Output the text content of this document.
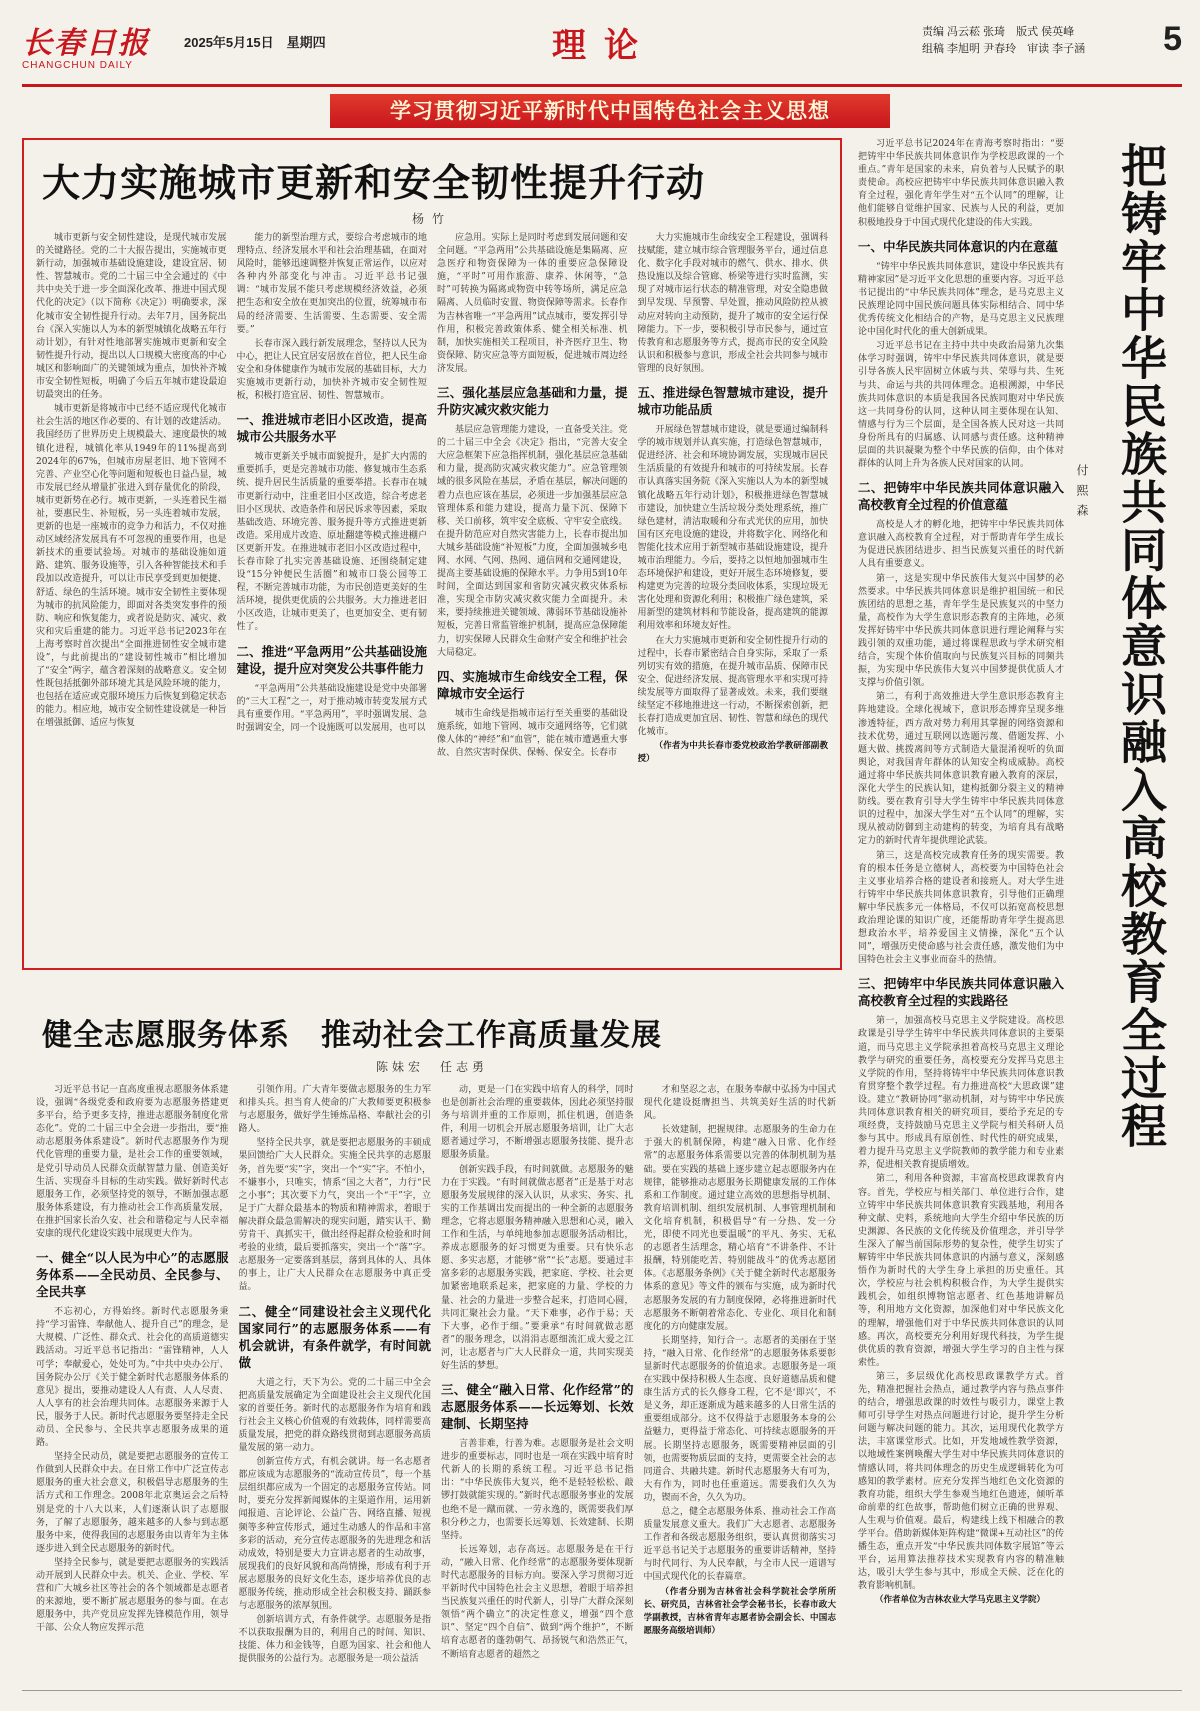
长春日报
CHANGCHUN DAILY
2025年5月15日　星期四	理论	责编 冯云菘 张琦　版式 侯英峰
组稿 李旭明 尹春玲　审读 李子涵	5
学习贯彻习近平新时代中国特色社会主义思想
大力实施城市更新和安全韧性提升行动
杨竹

城市更新与安全韧性建设，是现代城市发展的关键路径。党的二十大报告提出，实施城市更新行动，加强城市基础设施建设，建设宜居、韧性、智慧城市。党的二十届三中全会通过的《中共中央关于进一步全面深化改革、推进中国式现代化的决定》（以下简称《决定》）明确要求，深化城市安全韧性提升行动。去年7月，国务院出台《深入实施以人为本的新型城镇化战略五年行动计划》，有针对性地部署实施城市更新和安全韧性提升行动，提出以人口规模大密度高的中心城区和影响面广的关键领域为重点，加快补齐城市安全韧性短板，明确了今后五年城市建设最迫切最突出的任务。

城市更新是将城市中已经不适应现代化城市社会生活的地区作必要的、有计划的改建活动。我国经历了世界历史上规模最大、速度最快的城镇化进程，城镇化率从1949年的11%提高到2024年的67%，但城市房屋老旧、地下管网不完善、产业空心化等问题和短板也日益凸显，城市发展已经从增量扩张进入到存量优化的阶段，城市更新势在必行。城市更新，一头连着民生福祉，要惠民生、补短板，另一头连着城市发展，更新的也是一座城市的竞争力和活力，不仅对推动区域经济发展具有不可忽视的重要作用，也是新技术的重要试验场。对城市的基础设施如道路、建筑、服务设施等，引入各种智能技术和手段加以改造提升，可以让市民享受到更加便捷、舒适、绿色的生活环境。城市安全韧性主要体现为城市的抗风险能力，即面对各类突发事件的预防、响应和恢复能力，或者说是防灾、减灾、救灾和灾后重建的能力。习近平总书记2023年在上海考察时首次提出“全面推进韧性安全城市建设”，与此前提出的“建设韧性城市”相比增加了“安全”两字，蕴含着深刻的战略意义。安全韧性既包括抵御外部环境尤其是风险环境的能力，也包括在适应或克服环境压力后恢复到稳定状态的能力。相应地，城市安全韧性建设就是一种旨在增强抵御、适应与恢复

能力的新型治理方式，要综合考虑城市的地理特点、经济发展水平和社会治理基础，在面对风险时，能够迅速调整并恢复正常运作，以应对各种内外部变化与冲击。习近平总书记强调：“城市发展不能只考虑规模经济效益，必须把生态和安全放在更加突出的位置，统筹城市布局的经济需要、生活需要、生态需要、安全需要。”

长春市深入践行新发展理念，坚持以人民为中心，把让人民宜居安居放在首位，把人民生命安全和身体健康作为城市发展的基础目标，大力实施城市更新行动，加快补齐城市安全韧性短板，积极打造宜居、韧性、智慧城市。

一、推进城市老旧小区改造，提高城市公共服务水平

城市更新关乎城市面貌提升，是扩大内需的重要抓手，更是完善城市功能、修复城市生态系统、提升居民生活质量的重要举措。长春市在城市更新行动中，注重老旧小区改造，综合考虑老旧小区现状、改造条件和居民诉求等因素，采取基础改造、环境完善、服务提升等方式推进更新改造。采用成片改造、原址翻建等模式推进棚户区更新开发。在推进城市老旧小区改造过程中，长春市除了扎实完善基础设施、还围绕制定建设“15分钟便民生活圈”和城市口袋公园等工程，不断完善城市功能，为市民创造更美好的生活环境，提供更优质的公共服务。大力推进老旧小区改造，让城市更美了，也更加安全、更有韧性了。

二、推进“平急两用”公共基础设施建设，提升应对突发公共事件能力

“平急两用”公共基础设施建设是党中央部署的“三大工程”之一，对于推动城市转变发展方式具有重要作用。“平急两用”，平时强调发展、急时强调安全，同一个设施既可以发展用，也可以

应急用。实际上是同时考虑到发展问题和安全问题。“平急两用”公共基础设施是集隔离、应急医疗和物资保障为一体的重要应急保障设施，“平时”可用作旅游、康养、休闲等，“急时”可转换为隔离或物资中转等场所，满足应急隔离、人员临时安置、物资保障等需求。长春作为吉林省唯一“平急两用”试点城市，要发挥引导作用，积极完善政策体系、健全相关标准、机制，加快实施相关工程项目，补齐医疗卫生、物资保障、防灾应急等方面短板，促进城市周边经济发展。

三、强化基层应急基础和力量，提升防灾减灾救灾能力

基层应急管理能力建设，一直备受关注。党的二十届三中全会《决定》指出，“完善大安全大应急框架下应急指挥机制，强化基层应急基础和力量，提高防灾减灾救灾能力”。应急管理领域的很多风险在基层，矛盾在基层，解决问题的着力点也应该在基层，必须进一步加强基层应急管理体系和能力建设，提高力量下沉、保障下移、关口前移，筑牢安全底板、守牢安全底线。在提升防范应对自然灾害能力上，长春市提出加大城乡基础设施“补短板”力度，全面加强城乡电网、水网、气网、热网、通信网和交通网建设，提高主要基础设施的保障水平。力争用5到10年时间，全面达到国家和省防灾减灾救灾体系标准，实现全市防灾减灾救灾能力全面提升。未来，要持续推进关键领域、薄弱环节基础设施补短板，完善日常监管维护机制，提高应急保障能力，切实保障人民群众生命财产安全和维护社会大局稳定。

四、实施城市生命线安全工程，保障城市安全运行

城市生命线是指城市运行至关重要的基础设施系统，如地下管网、城市交通网络等，它们就像人体的“神经”和“血管”，能在城市遭遇重大事故、自然灾害时保供、保畅、保安全。长春市

大力实施城市生命线安全工程建设，强调科技赋能，建立城市综合管理服务平台，通过信息化、数字化手段对城市的燃气、供水、排水、供热设施以及综合管廊、桥梁等进行实时监测，实现了对城市运行状态的精准管理，对安全隐患做到早发现、早预警、早处置，推动风险防控从被动应对转向主动预防，提升了城市的安全运行保障能力。下一步，要积极引导市民参与，通过宣传教育和志愿服务等方式，提高市民的安全风险认识和积极参与意识，形成全社会共同参与城市管理的良好氛围。

五、推进绿色智慧城市建设，提升城市功能品质

开展绿色智慧城市建设，就是要通过编制科学的城市规划并认真实施，打造绿色智慧城市，促进经济、社会和环境协调发展，实现城市居民生活质量的有效提升和城市的可持续发展。长春市认真落实国务院《深入实施以人为本的新型城镇化战略五年行动计划》，积极推进绿色智慧城市建设，加快建立生活垃圾分类处理系统，推广绿色建材，清洁取暖和分布式光伏的应用，加快国有区充电设施的建设，并将数字化、网络化和智能化技术应用于新型城市基础设施建设，提升城市治理能力。今后，要持之以恒地加强城市生态环境保护和建设，更好开展生态环境修复，要构建更为完善的垃圾分类回收体系，实现垃圾无害化处理和资源化利用；积极推广绿色建筑，采用新型的建筑材料和节能设备，提高建筑的能源利用效率和环境友好性。

在大力实施城市更新和安全韧性提升行动的过程中，长春市紧密结合自身实际，采取了一系列切实有效的措施，在提升城市品质、保障市民安全、促进经济发展、提高管理水平和实现可持续发展等方面取得了显著成效。未来，我们要继续坚定不移地推进这一行动，不断探索创新，把长春打造成更加宜居、韧性、智慧和绿色的现代化城市。

（作者为中共长春市委党校政治学教研部副教授）

健全志愿服务体系　推动社会工作高质量发展
陈妹宏　任志勇

习近平总书记一直高度重视志愿服务体系建设，强调“各级党委和政府要为志愿服务搭建更多平台，给予更多支持，推进志愿服务制度化常态化”。党的二十届三中全会进一步指出，要“推动志愿服务体系建设”。新时代志愿服务作为现代化管理的重要力量，是社会工作的重要领域，是党引导动员人民群众贡献智慧力量、创造美好生活、实现奋斗目标的生动实践。做好新时代志愿服务工作，必须坚持党的领导，不断加强志愿服务体系建设，有力推动社会工作高质量发展，在推护国家长治久安、社会和谐稳定与人民幸福安康的现代化建设实践中展现更大作为。

一、健全“以人民为中心”的志愿服务体系——全民动员、全民参与、全民共享

不忘初心，方得始终。新时代志愿服务秉持“学习雷锋、奉献他人、提升自己”的理念，是大规模、广泛性、群众式、社会化的高质道德实践活动。习近平总书记指出：“雷锋精神，人人可学；奉献爱心，处处可为。”中共中央办公厅、国务院办公厅《关于健全新时代志愿服务体系的意见》提出，要推动建设人人有责、人人尽责、人人享有的社会治理共同体。志愿服务来源于人民，服务于人民。新时代志愿服务要坚持走全民动员、全民参与、全民共享志愿服务成果的道路。

坚持全民动员，就是要把志愿服务的宣传工作做到人民群众中去。在日常工作中广泛宣传志愿服务的重大社会意义，积极倡导志愿服务的生活方式和工作理念。2008年北京奥运会之后特别是党的十八大以来，人们逐渐认识了志愿服务，了解了志愿服务，越来越多的人参与到志愿服务中来，使得我国的志愿服务由以青年为主体逐步进入到全民志愿服务的新时代。

坚持全民参与，就是要把志愿服务的实践活动开展到人民群众中去。机关、企业、学校、军营和广大城乡社区等社会的各个领域都是志愿者的来源地，要不断扩展志愿服务的参与面。在志愿服务中，共产党员应发挥先锋模范作用，领导干部、公众人物应发挥示范

引领作用。广大青年要做志愿服务的生力军和排头兵。担当育人使命的广大教师要更积极参与志愿服务，做好学生锤炼品格、奉献社会的引路人。

坚持全民共享，就是要把志愿服务的丰硕成果回馈给广大人民群众。实施全民共享的志愿服务，首先要“实”字，突出一个“实”字。不怕小，不嫌事小，只唯实，情系“国之大者”，力行“民之小事”；其次要下力气，突出一个“干”字，立足于广大群众最基本的物质和精神需求，着眼于解决群众最急需解决的现实问题，踏实认干、勤劳肯干、真抓实干，做出经得起群众检验和时间考验的业绩，最后要抓落实，突出一个“落”字。志愿服务一定要落到基层，落到具体的人、具体的事上，让广大人民群众在志愿服务中真正受益。

二、健全“同建设社会主义现代化国家同行”的志愿服务体系——有机会就讲，有条件就学，有时间就做

大道之行，天下为公。党的二十届三中全会把高质量发展确定为全面建设社会主义现代化国家的首要任务。新时代的志愿服务作为培育和践行社会主义核心价值观的有效载体，同样需要高质量发展，把党的群众路线贯彻到志愿服务高质量发展的第一动力。

创新宣传方式，有机会就讲。每一名志愿者都应该成为志愿服务的“流动宣传员”，每一个基层组织都应成为一个固定的志愿服务宣传站。同时，要充分发挥新闻媒体的主渠道作用，运用新闻报道、言论评论、公益广告、网络直播、短视频等多种宣传形式，通过生动感人的作品和丰富多彩的活动，充分宣传志愿服务的先进理念和活动成效，特别是要大力宣讲志愿者的生动故事，展现我们的良好风貌和高尚情操，形成有利于开展志愿服务的良好文化生态，逐步培养优良的志愿服务传统，推动形成全社会积极支持、踊跃参与志愿服务的浓厚氛围。

创新培训方式，有条件就学。志愿服务是指不以获取报酬为目的，利用自己的时间、知识、技能、体力和金钱等，自愿为国家、社会和他人提供服务的公益行为。志愿服务是一项公益活

动，更是一门在实践中培育人的科学，同时也是创新社会治理的重要载体，因此必须坚持服务与培训并重的工作原则，抓住机遇，创造条件，利用一切机会开展志愿服务培训，让广大志愿者通过学习，不断增强志愿服务技能、提升志愿服务质量。

创新实践手段，有时间就做。志愿服务的魅力在于实践。“有时间就做志愿者”正是基于对志愿服务发展规律的深入认识，从求实、务实、扎实的工作基调出发而提出的一种全新的志愿服务理念，它将志愿服务精神融入思想和心灵，融入工作和生活，与单纯地参加志愿服务活动相比，养成志愿服务的好习惯更为重要。只有快乐志愿、多实志愿，才能够“常”“长”志愿。要通过丰富多彩的志愿服务实践，把家庭、学校、社会更加紧密地联系起来，把家庭的力量、学校的力量、社会的力量进一步整合起来，打造同心圆，共同汇聚社会力量。“天下难事，必作于易；天下大事，必作于细。”要秉承“有时间就做志愿者”的服务理念，以涓涓志愿细流汇成大爱之江河，让志愿者与广大人民群众一道，共同实现美好生活的梦想。

三、健全“融入日常、化作经常”的志愿服务体系——长远筹划、长效建制、长期坚持

言善非难，行善为难。志愿服务是社会文明进步的重要标志，同时也是一项在实践中培育时代新人的长期的系统工程。习近平总书记指出：“中华民族伟大复兴，绝不是轻轻松松、敲锣打鼓就能实现的。”新时代志愿服务事业的发展也绝不是一蹴而就、一劳永逸的，既需要我们厚积分秒之力，也需要长远筹划、长效建制、长期坚持。

长远筹划，志存高远。志愿服务是在干行动，“融入日常、化作经常”的志愿服务要体现新时代志愿服务的目标方向。要深入学习贯彻习近平新时代中国特色社会主义思想，着眼于培养担当民族复兴重任的时代新人，引导广大群众深刻领悟“两个确立”的决定性意义，增强“四个意识”、坚定“四个自信”、做到“两个维护”，不断培育志愿者的蓬勃朝气、昂扬锐气和浩然正气，不断培育志愿者的超然之

才和坚忍之志，在服务奉献中弘扬为中国式现代化建设挺膺担当、共筑美好生活的时代新风。

长效建制，把握规律。志愿服务的生命力在于强大的机制保障，构建“融入日常、化作经常”的志愿服务体系需要以完善的体制机制为基础。要在实践的基础上逐步建立起志愿服务内在规律，能够推动志愿服务长期健康发展的工作体系和工作制度。通过建立高效的思想指导机制、教育培训机制、组织发展机制、人事管理机制和文化培育机制，积极倡导“有一分热、发一分光，即使不同光也要温暖”的平凡、务实、无私的志愿者生活理念，精心培育“不讲条件、不计报酬，特别能吃苦、特别能战斗”的优秀志愿团体。《志愿服务条例》《关于健全新时代志愿服务体系的意见》等文件的颁布与实施，成为新时代志愿服务发展的有力制度保障，必将推进新时代志愿服务不断朝着常态化、专业化、项目化和制度化的方向健康发展。

长期坚持，知行合一。志愿者的美丽在于坚持，“融入日常、化作经常”的志愿服务体系要彰显新时代志愿服务的价值追求。志愿服务是一项在实践中保持积极人生态度、良好道德品质和健康生活方式的长久修身工程，它不是‘即兴’，不是义务，却正逐渐成为越来越多的人日常生活的重要组成部分。这不仅得益于志愿服务本身的公益魅力，更得益于常态化、可持续志愿服务的开展。长期坚持志愿服务，既需要精神层面的引领，也需要物质层面的支持，更需要全社会的志同道合、共融共建。新时代志愿服务大有可为，大有作为，同时也任重道远。需要我们久久为功，锲而不舍，久久为功。

总之，健全志愿服务体系、推动社会工作高质量发展意义重大。我们广大志愿者、志愿服务工作者和各级志愿服务组织，要认真贯彻落实习近平总书记关于志愿服务的重要讲话精神，坚持与时代同行、为人民奉献，与全市人民一道谱写中国式现代化的长春篇章。

（作者分别为吉林省社会科学院社会学所所长、研究员，吉林省社会学会秘书长，长春市政大学副教授，吉林省青年志愿者协会副会长、中国志愿服务高级培训师）

习近平总书记2024年在青海考察时指出：“要把铸牢中华民族共同体意识作为学校思政课的一个重点。”青年是国家的未来，肩负着与人民赋予的职责使命。高校应把铸牢中华民族共同体意识融入教育全过程，强化青年学生对“五个认同”的理解，让他们能够自觉维护国家、民族与人民的利益，更加积极地投身于中国式现代化建设的伟大实践。

一、中华民族共同体意识的内在意蕴

“铸牢中华民族共同体意识，建设中华民族共有精神家园”是习近平文化思想的重要内容。习近平总书记提出的“中华民族共同体”理念，是马克思主义民族理论同中国民族问题具体实际相结合、同中华优秀传统文化相结合的产物，是马克思主义民族理论中国化时代化的重大创新成果。

习近平总书记在主持中共中央政治局第九次集体学习时强调，铸牢中华民族共同体意识，就是要引导各族人民牢固树立休戚与共、荣辱与共、生死与共、命运与共的共同体理念。追根溯源，中华民族共同体意识的本质是我国各民族同胞对中华民族这一共同身份的认同，这种认同主要体现在认知、情感与行为三个层面，是全国各族人民对这一共同身份所具有的归属感、认同感与责任感。这种精神层面的共识凝聚为整个中华民族的信仰，由个体对群体的认同上升为各族人民对国家的认同。

二、把铸牢中华民族共同体意识融入高校教育全过程的价值意蕴

高校是人才的孵化地，把铸牢中华民族共同体意识融入高校教育全过程，对于帮助青年学生成长为促进民族团结进步、担当民族复兴重任的时代新人具有重要意义。

第一，这是实现中华民族伟大复兴中国梦的必然要求。中华民族共同体意识是维护祖国统一和民族团结的思想之基，青年学生是民族复兴的中坚力量，高校作为大学生意识形态教育的主阵地，必须发挥好铸牢中华民族共同体意识进行理论阐释与实践引领的双重功能，通过将课程思政与学术研究相结合，实现个体价值取向与民族复兴目标的同频共振，为实现中华民族伟大复兴中国梦提供优质人才支撑与价值引领。

第二，有利于高效推进大学生意识形态教育主阵地建设。全球化视域下，意识形态博弈呈现多维渗透特征，西方敌对势力利用其掌握的网络资源和技术优势，通过互联网以选题污蔑、借题发挥、小题大做、挑拨离间等方式制造大量混淆视听的负面舆论，对我国青年群体的认知安全构成威胁。高校通过将中华民族共同体意识教育融入教育的深层，深化大学生的民族认知，建构抵御分裂主义的精神防线。要在教育引导大学生铸牢中华民族共同体意识的过程中，加深大学生对“五个认同”的理解，实现从被动防御到主动建构的转变，为培育具有战略定力的新时代青年提供理论武装。

第三，这是高校完成教育任务的现实需要。教育的根本任务是立德树人，高校要为中国特色社会主义事业培养合格的建设者和接班人。对大学生进行铸牢中华民族共同体意识教育，引导他们正确理解中华民族多元一体格局，不仅可以拓宽高校思想政治理论课的知识广度，还能帮助青年学生提高思想政治水平，培养爱国主义情操，深化“五个认同”，增强历史使命感与社会责任感，激发他们为中国特色社会主义事业而奋斗的热情。

三、把铸牢中华民族共同体意识融入高校教育全过程的实践路径

第一，加强高校马克思主义学院建设。高校思政课是引导学生铸牢中华民族共同体意识的主要渠道，而马克思主义学院承担着高校马克思主义理论教学与研究的重要任务，高校要充分发挥马克思主义学院的作用，坚持将铸牢中华民族共同体意识教育贯穿整个教学过程。有力推进高校“大思政课”建设。建立“教研协同”驱动机制，对与铸牢中华民族共同体意识教育相关的研究项目，要给予充足的专项经费，支持鼓励马克思主义学院与相关科研人员参与其中。形成具有原创性、时代性的研究成果，着力提升马克思主义学院教师的教学能力和专业素养，促进相关教育提质增效。

第二，利用各种资源，丰富高校思政课教育内容。首先，学校应与相关部门、单位进行合作，建立铸牢中华民族共同体意识教育实践基地，利用各种文献、史料，系统地向大学生介绍中华民族的历史渊源、各民族的文化传统及价值理念，并引导学生深入了解当前国际形势的复杂性，使学生切实了解铸牢中华民族共同体意识的内涵与意义，深刻感悟作为新时代的大学生身上承担的历史重任。其次，学校应与社会机构积极合作，为大学生提供实践机会，如组织博物馆志愿者、红色基地讲解员等，利用地方文化资源，加深他们对中华民族文化的理解，增强他们对于中华民族共同体意识的认同感。再次，高校要充分利用好现代科技，为学生提供优质的教育资源，增强大学生学习的自主性与探索性。

第三，多层级优化高校思政课教学方式。首先，精准把握社会热点，通过教学内容与热点事件的结合，增强思政课的时效性与吸引力，课堂上教师可引导学生对热点问题进行讨论，提升学生分析问题与解决问题的能力。其次，运用现代化教学方法，丰富课堂形式。比如，开发地域性教学资源，以地域性案例唤醒大学生对中华民族共同体意识的情感认同，将共同体理念的历史生成逻辑转化为可感知的教学素材。应充分发挥当地红色文化资源的教育功能，组织大学生参观当地红色遗迹，倾听革命前辈的红色故事，帮助他们树立正确的世界观、人生观与价值观。最后，构建线上线下相融合的教学平台。借助新媒体矩阵构建“微课+互动社区”的传播生态，重点开发“中华民族共同体数字展馆”等云平台，运用算法推荐技术实现教育内容的精准触达，吸引大学生参与其中，形成全天候、泛在化的教育影响机制。

（作者单位为吉林农业大学马克思主义学院）

付熙森 把铸牢中华民族共同体意识融入高校教育全过程
